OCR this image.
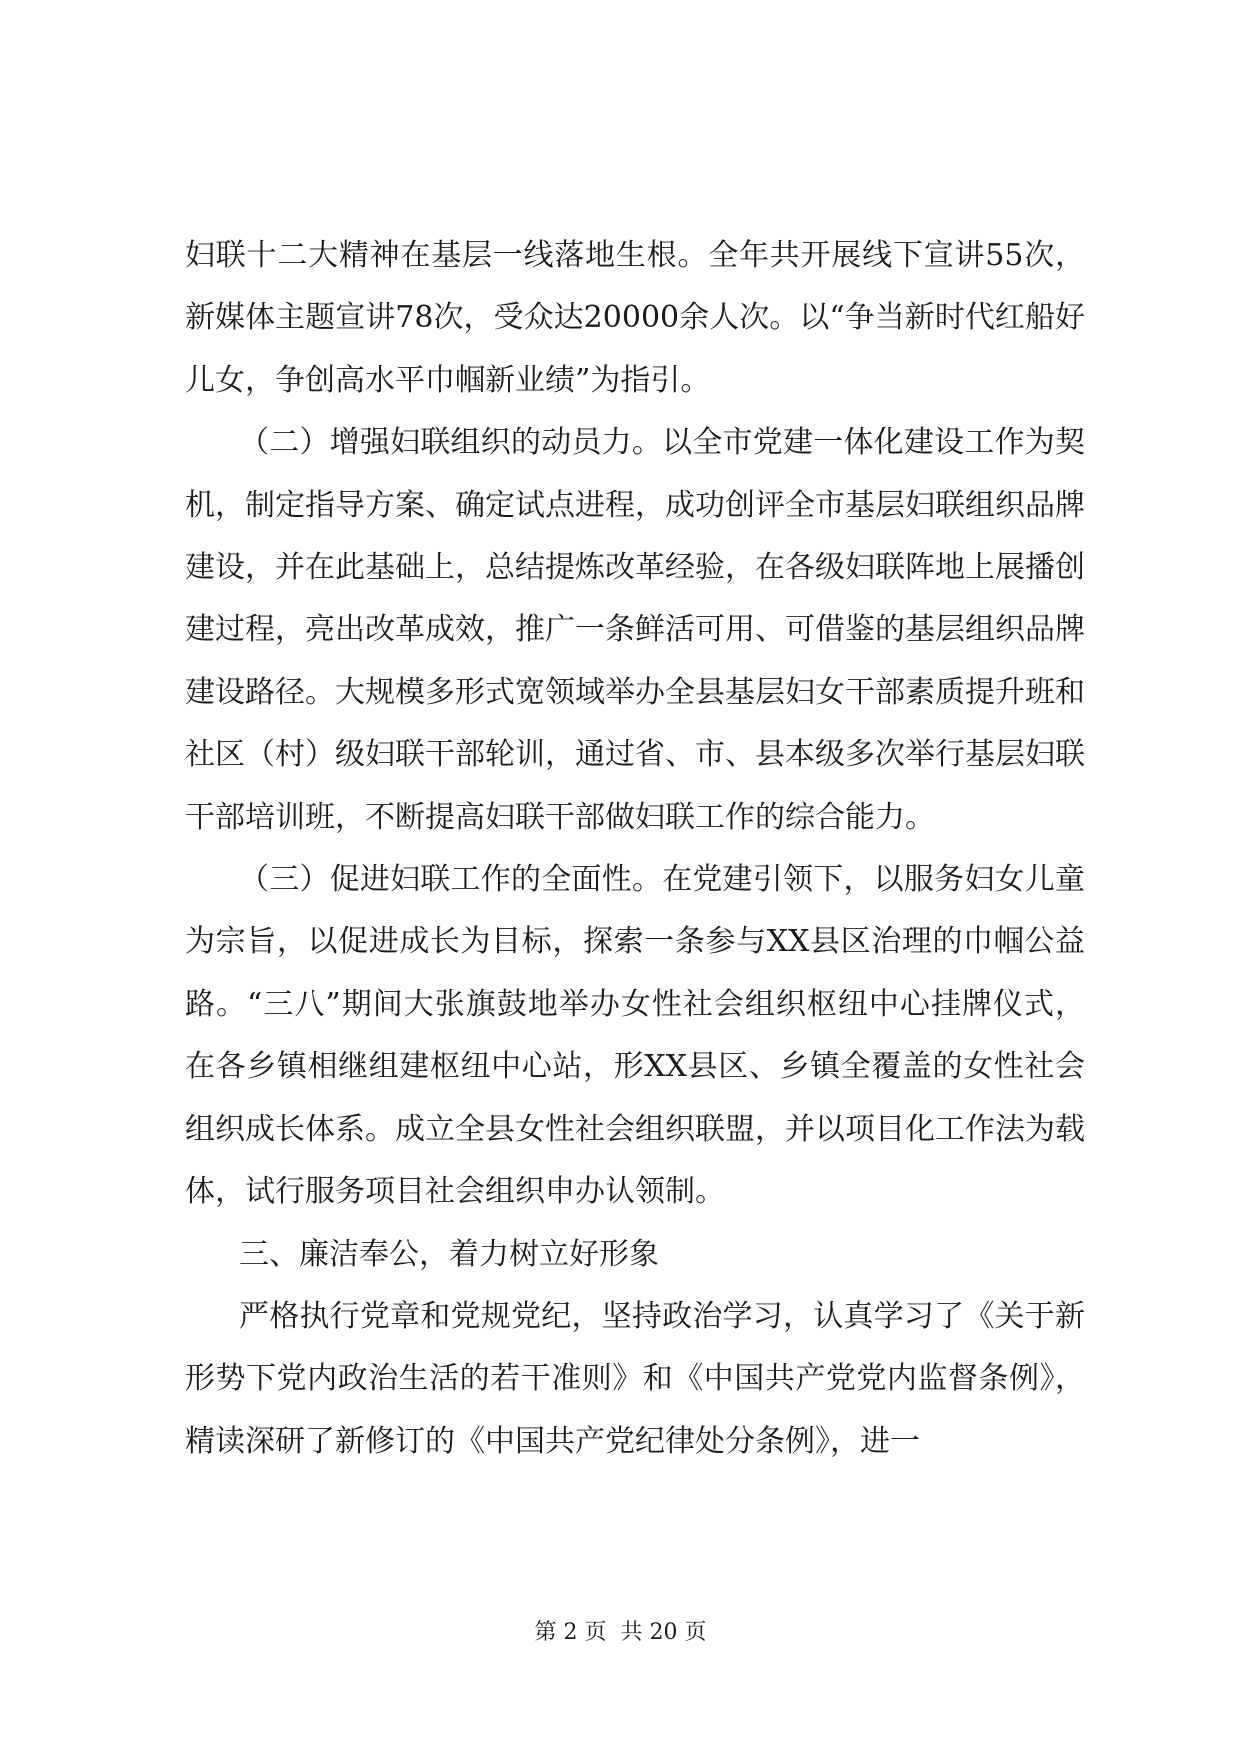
妇联十二大精神在基层一线落地生根。全年共开展线下宣讲55次，新媒体主题宣讲78次，受众达20000余人次。以“争当新时代红船好儿女，争创高水平巾帼新业绩”为指引。

（二）增强妇联组织的动员力。以全市党建一体化建设工作为契机，制定指导方案、确定试点进程，成功创评全市基层妇联组织品牌建设，并在此基础上，总结提炼改革经验，在各级妇联阵地上展播创建过程，亮出改革成效，推广一条鲜活可用、可借鉴的基层组织品牌建设路径。大规模多形式宽领域举办全县基层妇女干部素质提升班和社区（村）级妇联干部轮训，通过省、市、县本级多次举行基层妇联干部培训班，不断提高妇联干部做妇联工作的综合能力。

（三）促进妇联工作的全面性。在党建引领下，以服务妇女儿童为宗旨，以促进成长为目标，探索一条参与XX县区治理的巾帼公益路。“三八”期间大张旗鼓地举办女性社会组织枢纽中心挂牌仪式，在各乡镇相继组建枢纽中心站，形XX县区、乡镇全覆盖的女性社会组织成长体系。成立全县女性社会组织联盟，并以项目化工作法为载体，试行服务项目社会组织申办认领制。

三、廉洁奉公，着力树立好形象

严格执行党章和党规党纪，坚持政治学习，认真学习了《关于新形势下党内政治生活的若干准则》和《中国共产党党内监督条例》，精读深研了新修订的《中国共产党纪律处分条例》，进一

第 2 页  共 20 页
